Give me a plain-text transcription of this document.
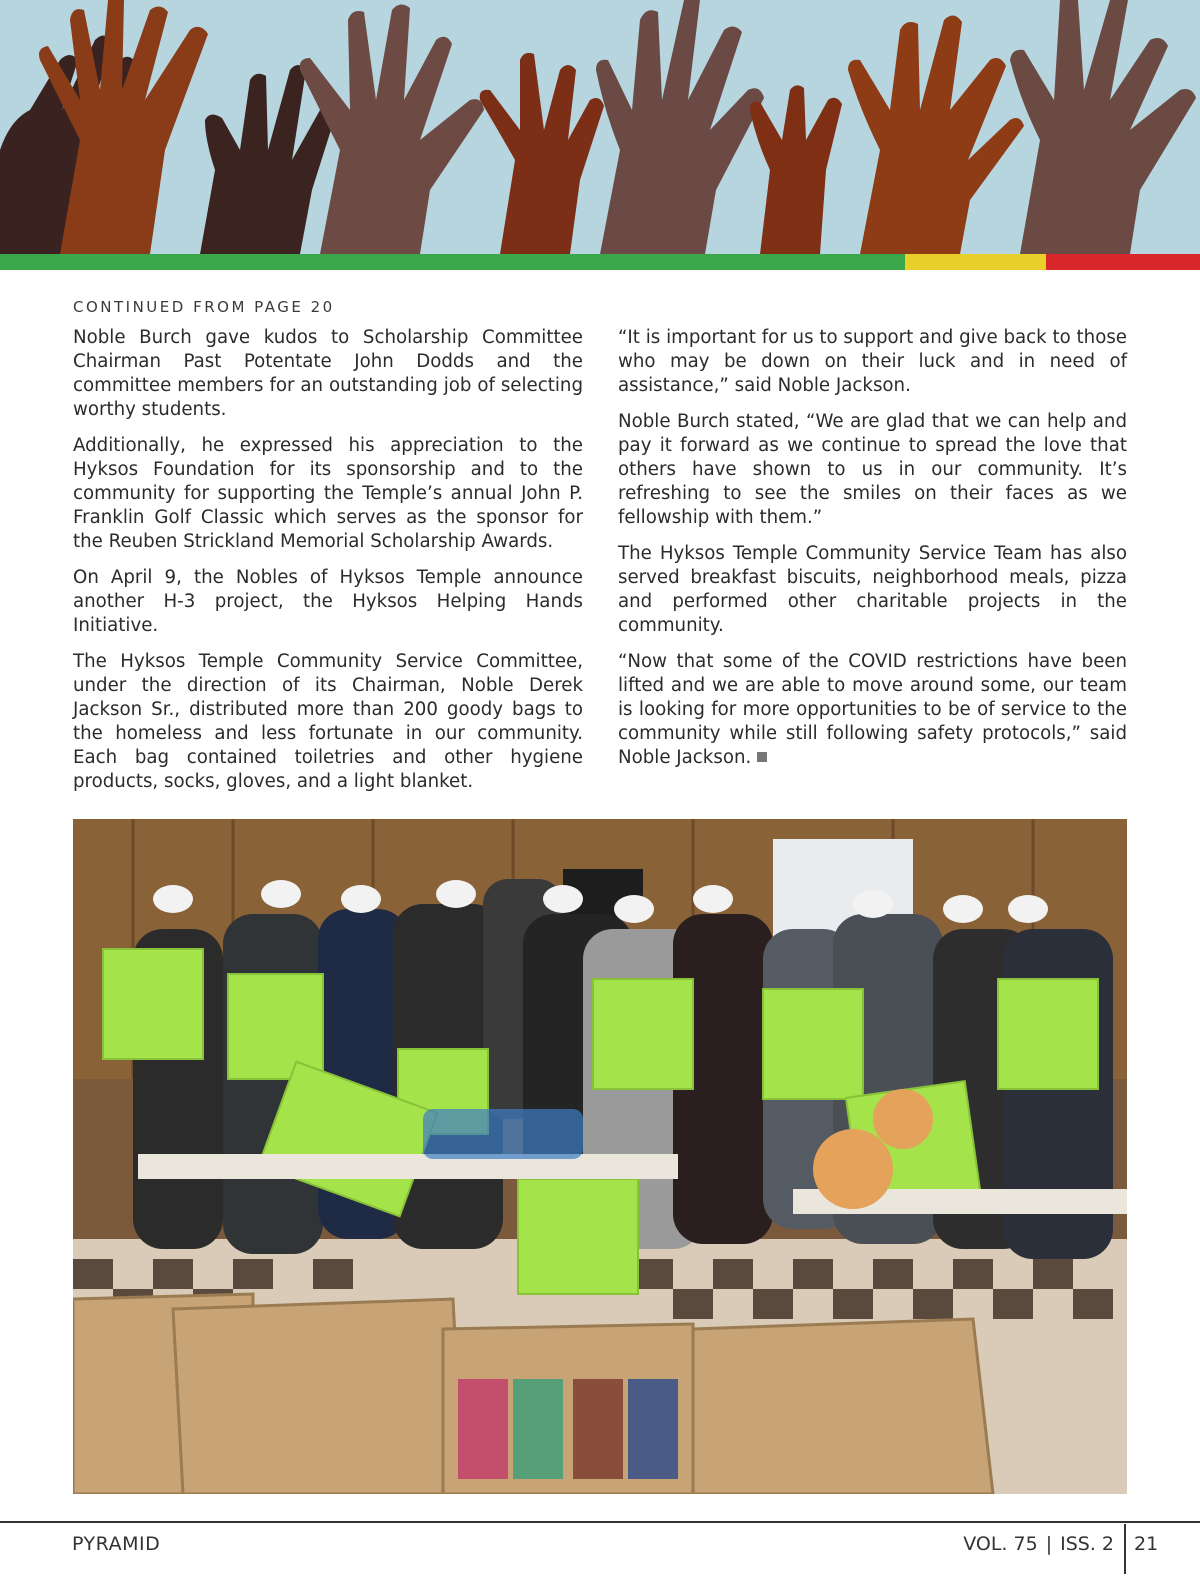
CONTINUED FROM PAGE 20

Noble Burch gave kudos to Scholarship Committee Chairman Past Potentate John Dodds and the committee members for an outstanding job of selecting worthy students.

Additionally, he expressed his appreciation to the Hyksos Foundation for its sponsorship and to the community for supporting the Temple’s annual John P. Franklin Golf Classic which serves as the sponsor for the Reuben Strickland Memorial Scholarship Awards.

On April 9, the Nobles of Hyksos Temple announce another H-3 project, the Hyksos Helping Hands Initiative.

The Hyksos Temple Community Service Committee, under the direction of its Chairman, Noble Derek Jackson Sr., distributed more than 200 goody bags to the homeless and less fortunate in our community. Each bag contained toiletries and other hygiene products, socks, gloves, and a light blanket.

“It is important for us to support and give back to those who may be down on their luck and in need of assistance,” said Noble Jackson.

Noble Burch stated, “We are glad that we can help and pay it forward as we continue to spread the love that others have shown to us in our community. It’s refreshing to see the smiles on their faces as we fellowship with them.”

The Hyksos Temple Community Service Team has also served breakfast biscuits, neighborhood meals, pizza and performed other charitable projects in the community.

“Now that some of the COVID restrictions have been lifted and we are able to move around some, our team is looking for more opportunities to be of service to the community while still following safety protocols,” said Noble Jackson.

PYRAMID	VOL. 75 | ISS. 2 21
